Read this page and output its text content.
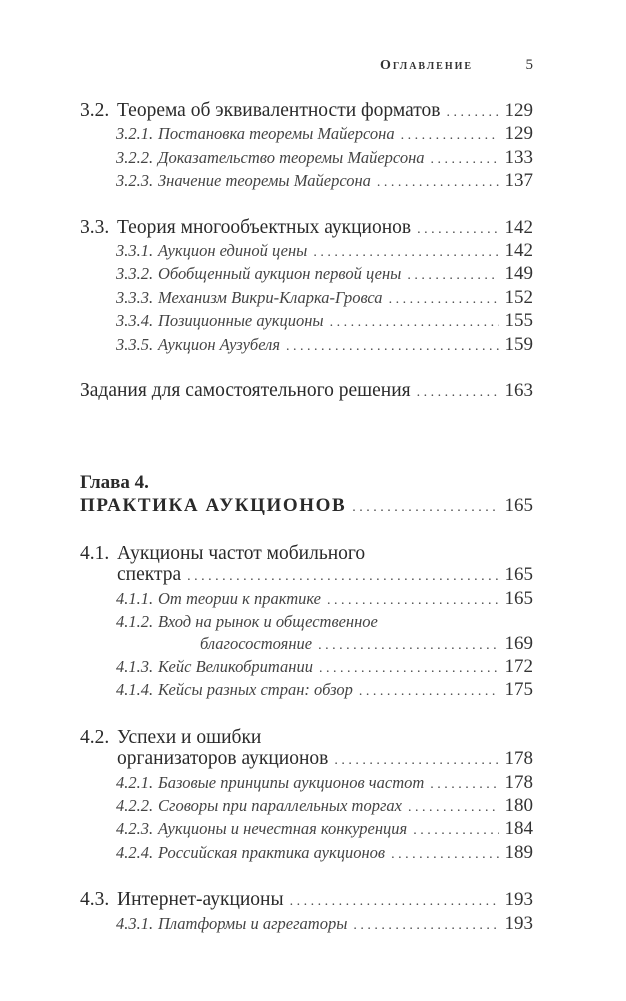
Оглавление	5
3.2. Теорема об эквивалентности форматов . . .	129
3.2.1. Постановка теоремы Майерсона . . .	129
3.2.2. Доказательство теоремы Майерсона . . .	133
3.2.3. Значение теоремы Майерсона . . .	137
3.3. Теория многообъектных аукционов . . .	142
3.3.1. Аукцион единой цены . . .	142
3.3.2. Обобщенный аукцион первой цены . . .	149
3.3.3. Механизм Викри-Кларка-Гровса . . .	152
3.3.4. Позиционные аукционы . . .	155
3.3.5. Аукцион Аузубеля . . .	159
Задания для самостоятельного решения . . .	163
Глава 4.
ПРАКТИКА АУКЦИОНОВ . . .	165
4.1. Аукционы частот мобильного
спектра . . .	165
4.1.1. От теории к практике . . .	165
4.1.2. Вход на рынок и общественное
благосостояние . . .	169
4.1.3. Кейс Великобритании . . .	172
4.1.4. Кейсы разных стран: обзор . . .	175
4.2. Успехи и ошибки
организаторов аукционов . . .	178
4.2.1. Базовые принципы аукционов частот . . .	178
4.2.2. Сговоры при параллельных торгах . . .	180
4.2.3. Аукционы и нечестная конкуренция . . .	184
4.2.4. Российская практика аукционов . . .	189
4.3. Интернет-аукционы . . .	193
4.3.1. Платформы и агрегаторы . . .	193
